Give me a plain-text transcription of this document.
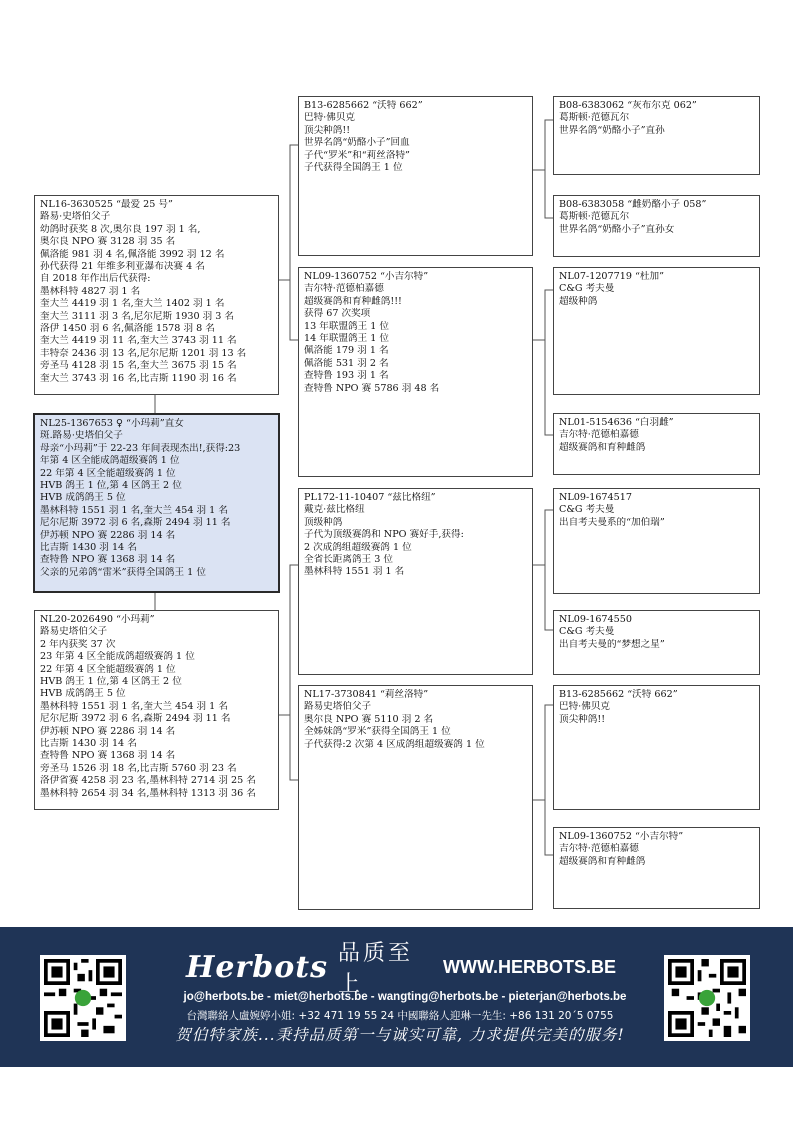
NL16-3630525 “最爱 25 号”
路易·史塔伯父子
幼鸽时获奖 8 次,奥尔良 197 羽 1 名,
奥尔良 NPO 赛 3128 羽 35 名
佩洛能 981 羽 4 名,佩洛能 3992 羽 12 名
孙代获得 21 年维多利亚瀑布决赛 4 名
自 2018 年作出后代获得:
墨林科特 4827 羽 1 名
奎大兰 4419 羽 1 名,奎大兰 1402 羽 1 名
奎大兰 3111 羽 3 名,尼尔尼斯 1930 羽 3 名
洛伊 1450 羽 6 名,佩洛能 1578 羽 8 名
奎大兰 4419 羽 11 名,奎大兰 3743 羽 11 名
丰特奈 2436 羽 13 名,尼尔尼斯 1201 羽 13 名
旁圣马 4128 羽 15 名,奎大兰 3675 羽 15 名
奎大兰 3743 羽 16 名,比吉斯 1190 羽 16 名
NL25-1367653 ♀ “小玛莉”直女
斑.路易·史塔伯父子
母亲“小玛莉”于 22-23 年间表现杰出!,获得:23
年第 4 区全能成鸽超级赛鸽 1 位
22 年第 4 区全能超级赛鸽 1 位
HVB 鸽王 1 位,第 4 区鸽王 2 位
HVB 成鸽鸽王 5 位
墨林科特 1551 羽 1 名,奎大兰 454 羽 1 名
尼尔尼斯 3972 羽 6 名,森斯 2494 羽 11 名
伊苏顿 NPO 赛 2286 羽 14 名
比吉斯 1430 羽 14 名
查特鲁 NPO 赛 1368 羽 14 名
父亲的兄弟鸽“雷米”获得全国鸽王 1 位
NL20-2026490 “小玛莉”
路易史塔伯父子
2 年内获奖 37 次
23 年第 4 区全能成鸽超级赛鸽 1 位
22 年第 4 区全能超级赛鸽 1 位
HVB 鸽王 1 位,第 4 区鸽王 2 位
HVB 成鸽鸽王 5 位
墨林科特 1551 羽 1 名,奎大兰 454 羽 1 名
尼尔尼斯 3972 羽 6 名,森斯 2494 羽 11 名
伊苏顿 NPO 赛 2286 羽 14 名
比吉斯 1430 羽 14 名
查特鲁 NPO 赛 1368 羽 14 名
旁圣马 1526 羽 18 名,比吉斯 5760 羽 23 名
洛伊省赛 4258 羽 23 名,墨林科特 2714 羽 25 名
墨林科特 2654 羽 34 名,墨林科特 1313 羽 36 名
B13-6285662 “沃特 662”
巴特·佛贝克
顶尖种鸽!!
世界名鸽“奶酪小子”回血
子代“罗米”和“莉丝洛特”
子代获得全国鸽王 1 位
NL09-1360752 “小吉尔特”
吉尔特·范德柏嘉德
超级赛鸽和育种雌鸽!!!
获得 67 次奖项
13 年联盟鸽王 1 位
14 年联盟鸽王 1 位
佩洛能 179 羽 1 名
佩洛能 531 羽 2 名
查特鲁 193 羽 1 名
查特鲁 NPO 赛 5786 羽 48 名
PL172-11-10407 “兹比格纽”
戴克·兹比格纽
顶级种鸽
子代为顶级赛鸽和 NPO 赛好手,获得:
2 次成鸽组超级赛鸽 1 位
全省长距离鸽王 3 位
墨林科特 1551 羽 1 名
NL17-3730841 “莉丝洛特”
路易史塔伯父子
奥尔良 NPO 赛 5110 羽 2 名
全姊妹鸽“罗米”获得全国鸽王 1 位
子代获得:2 次第 4 区成鸽组超级赛鸽 1 位
B08-6383062 “灰布尔克 062”
葛斯顿·范德瓦尔
世界名鸽“奶酪小子”直孙
B08-6383058 “雌奶酪小子 058”
葛斯顿·范德瓦尔
世界名鸽“奶酪小子”直孙女
NL07-1207719 “杜加”
C&G 考夫曼
超级种鸽
NL01-5154636 “白羽雌”
吉尔特·范德柏嘉德
超级赛鸽和育种雌鸽
NL09-1674517
C&G 考夫曼
出自考夫曼系的“加伯瑞”
NL09-1674550
C&G 考夫曼
出自考夫曼的“梦想之星”
B13-6285662 “沃特 662”
巴特·佛贝克
顶尖种鸽!!
NL09-1360752 “小吉尔特”
吉尔特·范德柏嘉德
超级赛鸽和育种雌鸽
Herbots 品质至上
WWW.HERBOTS.BE
jo@herbots.be - miet@herbots.be - wangting@herbots.be - pieterjan@herbots.be
台灣聯絡人盧婉婷小姐: +32 471 19 55 24 中國聯絡人迎琳一先生: +86 131 20´5 0755
贺伯特家族...秉持品质第一与诚实可靠, 力求提供完美的服务!
